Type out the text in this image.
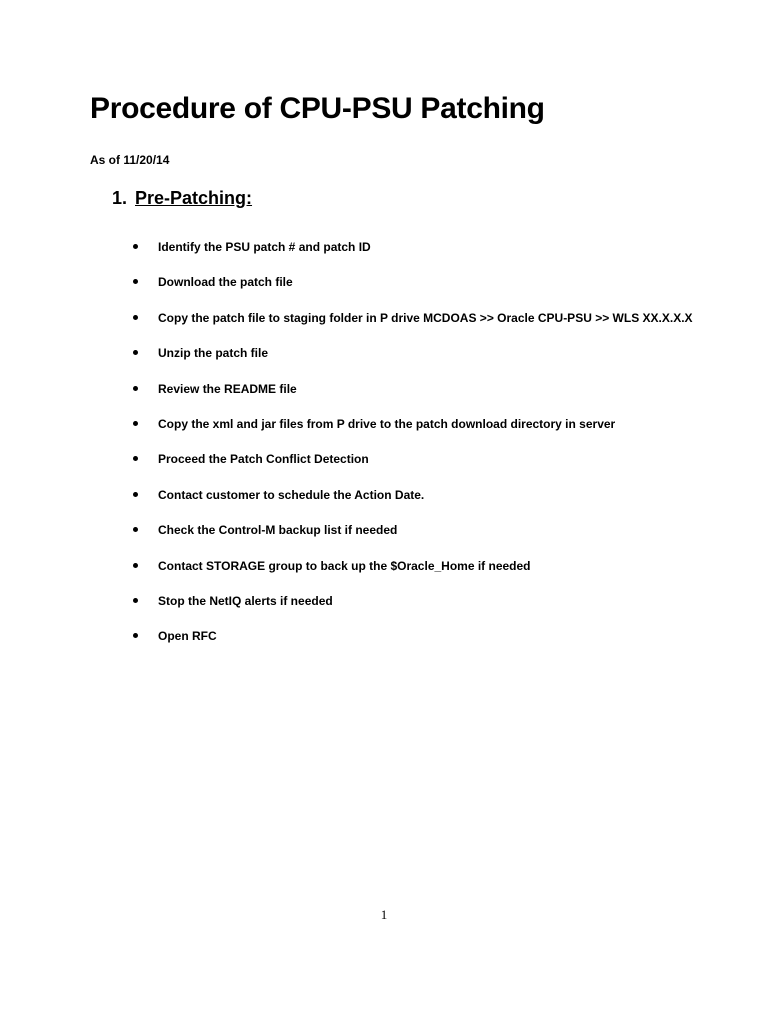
Procedure of CPU-PSU Patching
As of 11/20/14
1. Pre-Patching:
Identify the PSU patch # and patch ID
Download the patch file
Copy the patch file to staging folder in P drive MCDOAS >> Oracle CPU-PSU >> WLS XX.X.X.X
Unzip the patch file
Review the README file
Copy the xml and jar files from P drive to the patch download directory in server
Proceed the Patch Conflict Detection
Contact customer to schedule the Action Date.
Check the Control-M backup list if needed
Contact STORAGE group to back up the $Oracle_Home if needed
Stop the NetIQ alerts if needed
Open RFC
1
